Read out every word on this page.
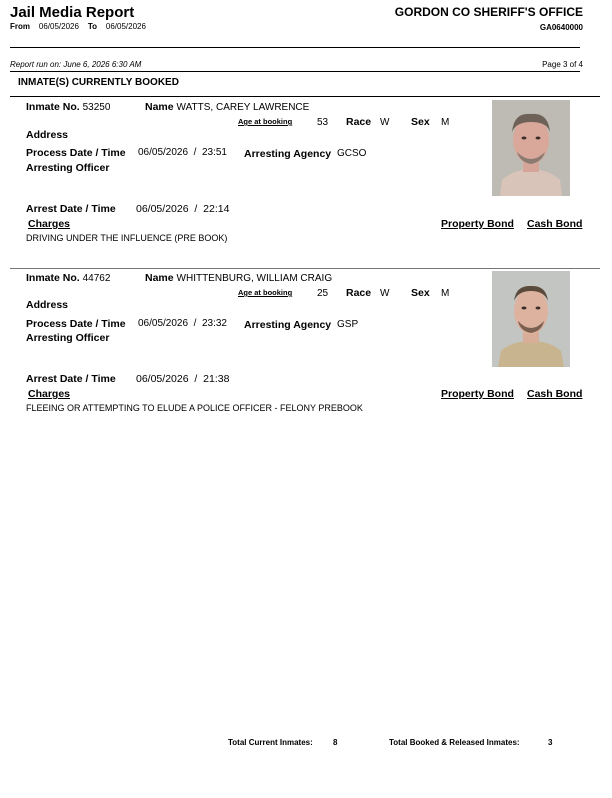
Jail Media Report
From 06/05/2026 To 06/05/2026
GORDON CO SHERIFF'S OFFICE
GA0640000
Report run on: June 6, 2026 6:30 AM	Page 3 of 4
INMATE(S) CURRENTLY BOOKED
Inmate No. 53250	Name WATTS, CAREY LAWRENCE
Age at booking 53 Race W Sex M
Address
Process Date / Time 06/05/2026  /  23:51 Arresting Agency GCSO
Arresting Officer
Arrest Date / Time 06/05/2026  /  22:14
Charges	Property Bond Cash Bond
DRIVING UNDER THE INFLUENCE (PRE BOOK)
Inmate No. 44762	Name WHITTENBURG, WILLIAM CRAIG
Age at booking 25 Race W Sex M
Address
Process Date / Time 06/05/2026  /  23:32 Arresting Agency GSP
Arresting Officer
Arrest Date / Time 06/05/2026  /  21:38
Charges	Property Bond Cash Bond
FLEEING OR ATTEMPTING TO ELUDE A POLICE OFFICER - FELONY PREBOOK
Total Current Inmates:	8	Total Booked & Released Inmates:	3
